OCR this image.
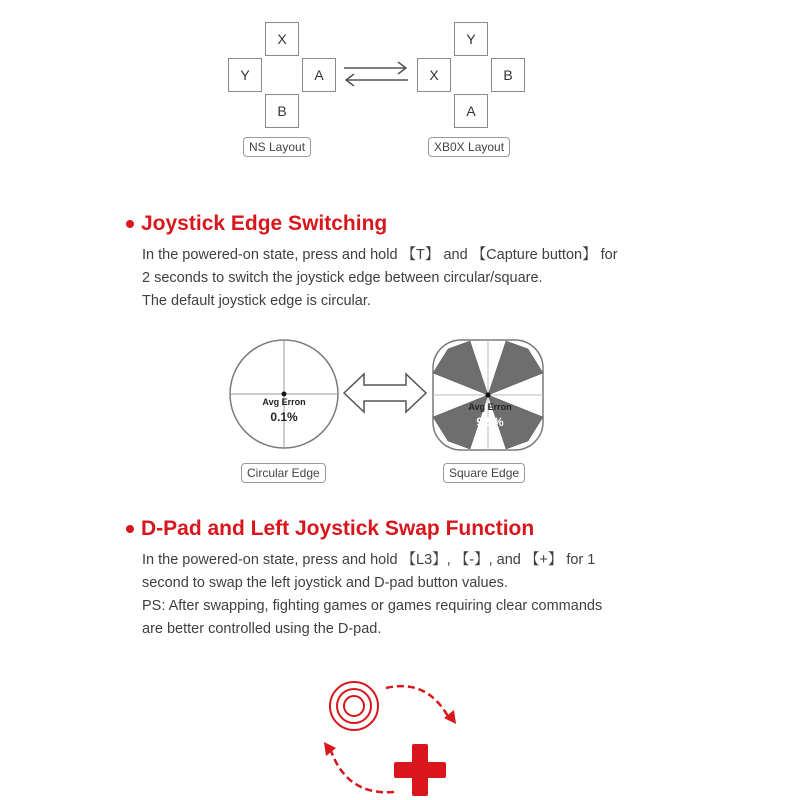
X
Y	A
B
NS Layout
Y
X	B
A
XB0X Layout
Joystick Edge Switching

In the powered-on state, press and hold 【T】 and 【Capture button】 for

2 seconds to switch the joystick edge between circular/square.

The default joystick edge is circular.

Avg Erron
0.1%
Circular Edge
Avg Erron
9.5%
Square Edge
D-Pad and Left Joystick Swap Function

In the powered-on state, press and hold 【L3】, 【-】, and 【+】 for 1

second to swap the left joystick and D-pad button values.

PS: After swapping, fighting games or games requiring clear commands

are better controlled using the D-pad.
